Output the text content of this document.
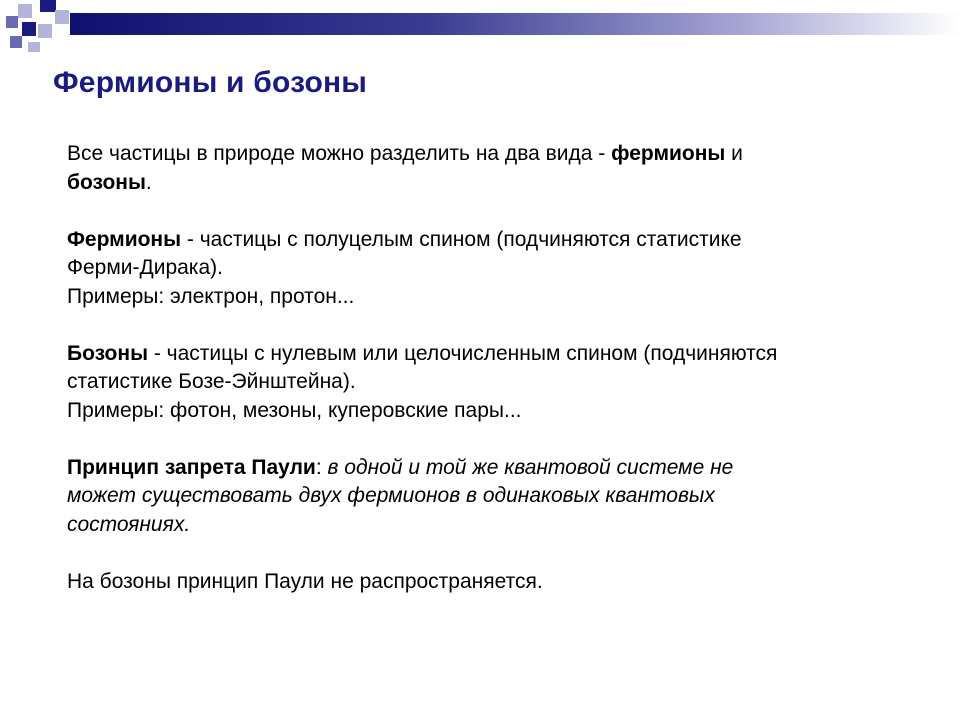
Фермионы и бозоны

Все частицы в природе можно разделить на два вида - фермионы и
бозоны.

Фермионы - частицы с полуцелым спином (подчиняются статистике
Ферми-Дирака).
Примеры: электрон, протон...

Бозоны - частицы с нулевым или целочисленным спином (подчиняются
статистике Бозе-Эйнштейна).
Примеры: фотон, мезоны, куперовские пары...

Принцип запрета Паули: в одной и той же квантовой системе не
может существовать двух фермионов в одинаковых квантовых
состояниях.

На бозоны принцип Паули не распространяется.
